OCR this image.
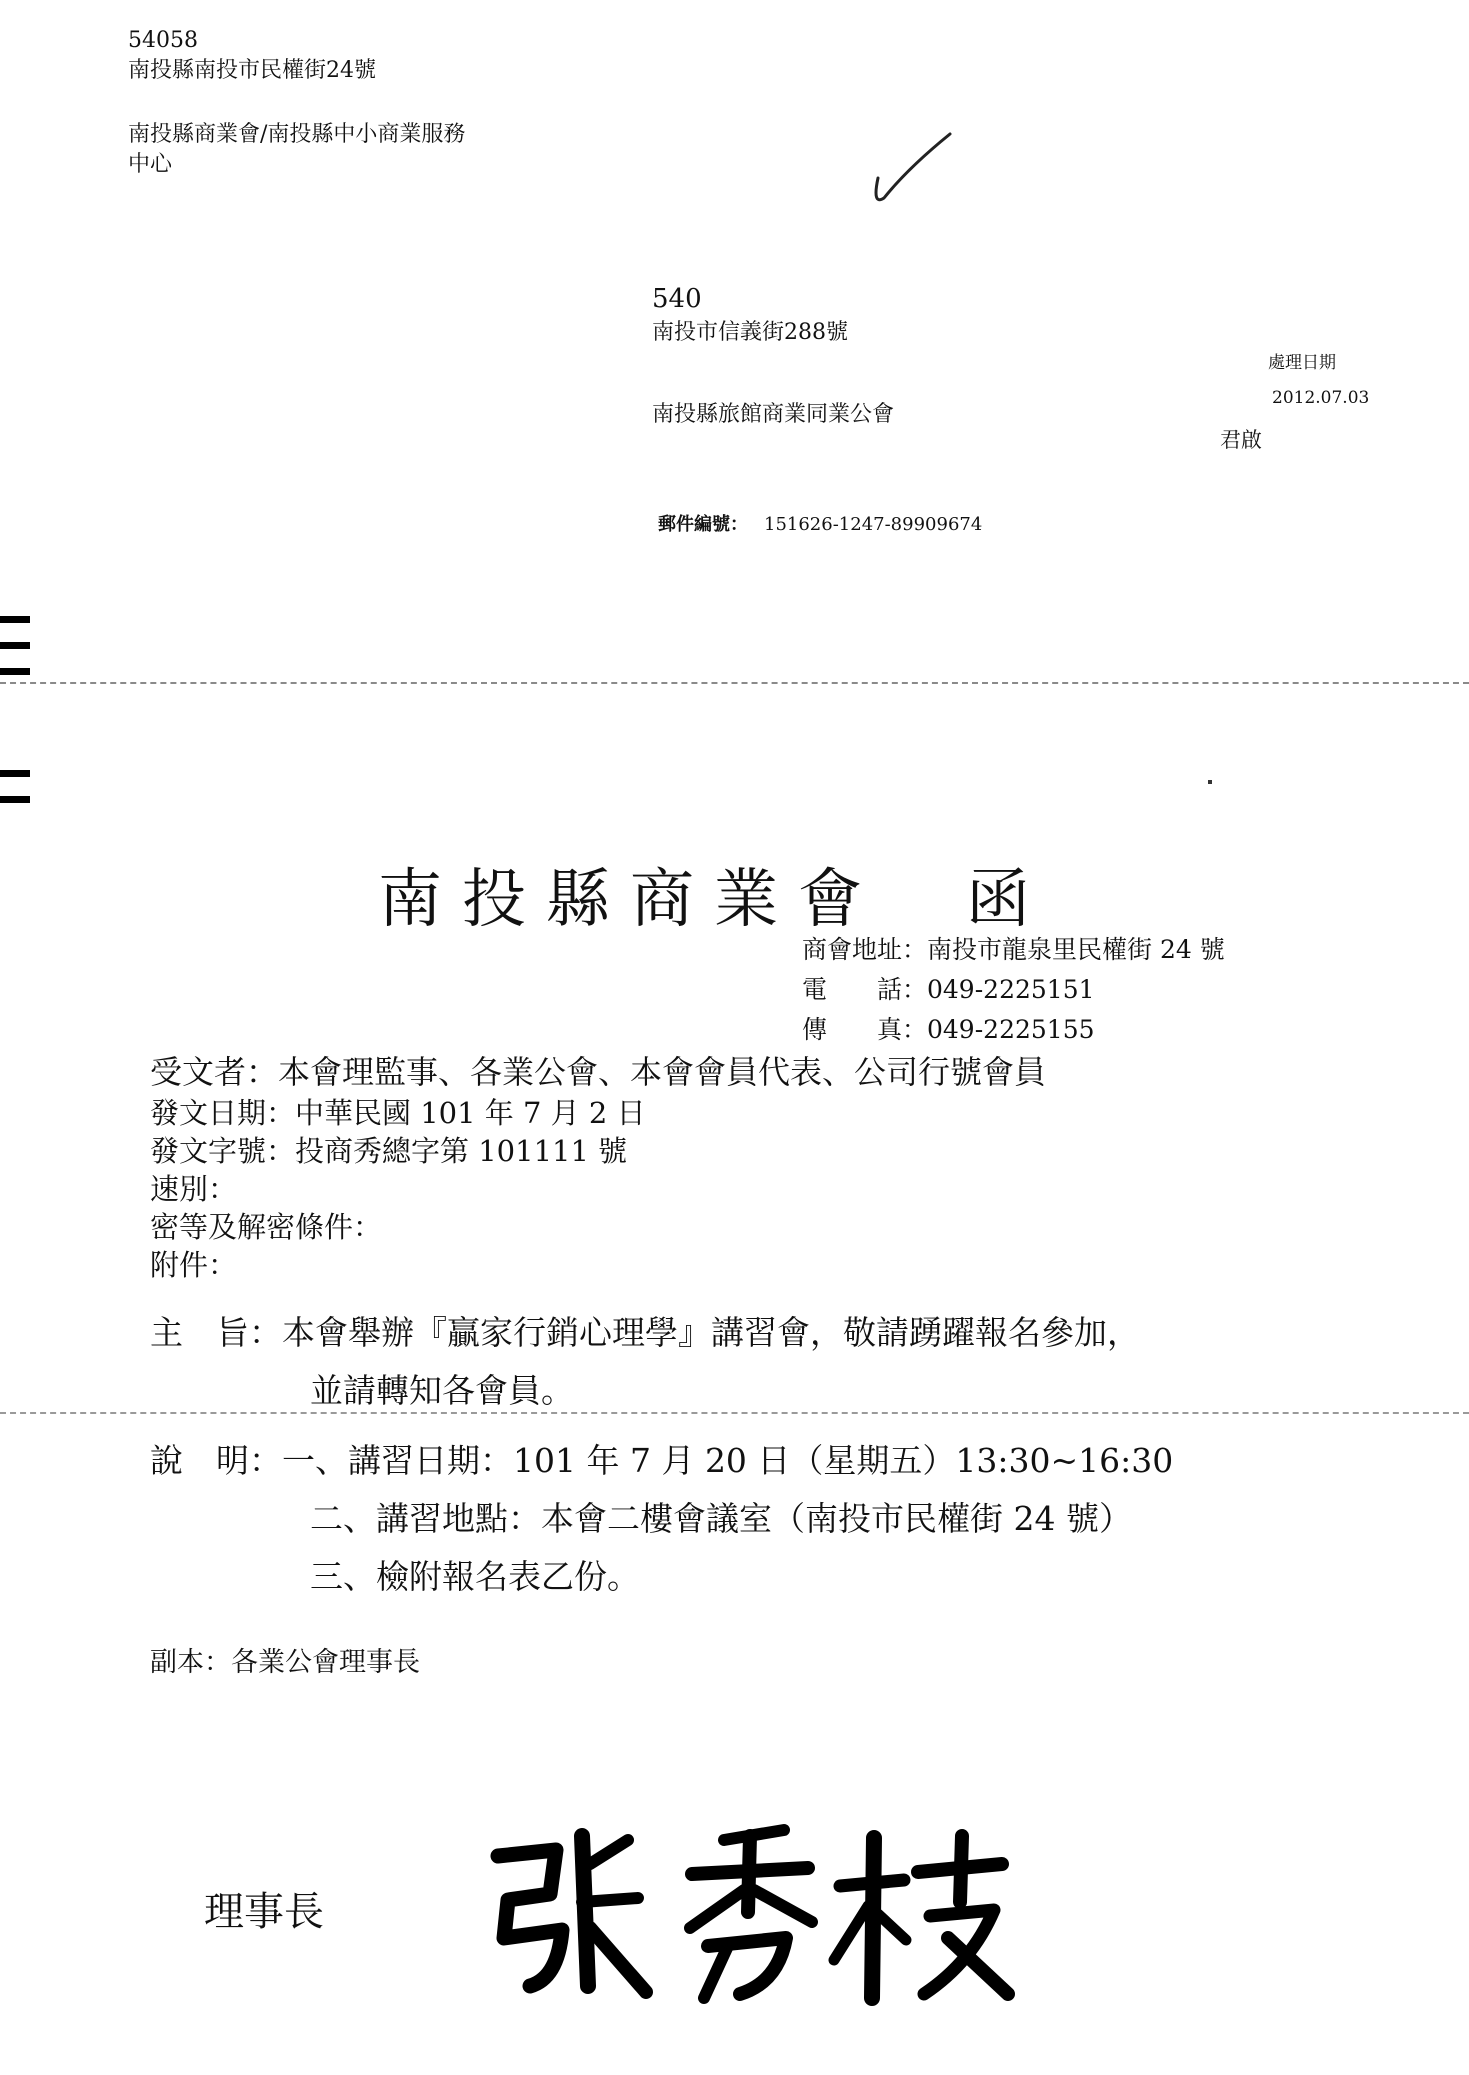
54058
南投縣南投市民權街24號
南投縣商業會/南投縣中小商業服務
中心
540
南投市信義街288號
南投縣旅館商業同業公會
處理日期
2012.07.03
君啟
郵件編號： 151626-1247-89909674
南投縣商業會　函
商會地址：南投市龍泉里民權街 24 號
電　　話：049-2225151
傳　　真：049-2225155
受文者：本會理監事、各業公會、本會會員代表、公司行號會員
發文日期：中華民國 101 年 7 月 2 日
發文字號：投商秀總字第 101111 號
速別：
密等及解密條件：
附件：
主　旨：本會舉辦『贏家行銷心理學』講習會，敬請踴躍報名參加，
並請轉知各會員。
說　明：一、講習日期：101 年 7 月 20 日（星期五）13:30~16:30
二、講習地點：本會二樓會議室（南投市民權街 24 號）
三、檢附報名表乙份。
副本：各業公會理事長
理事長
